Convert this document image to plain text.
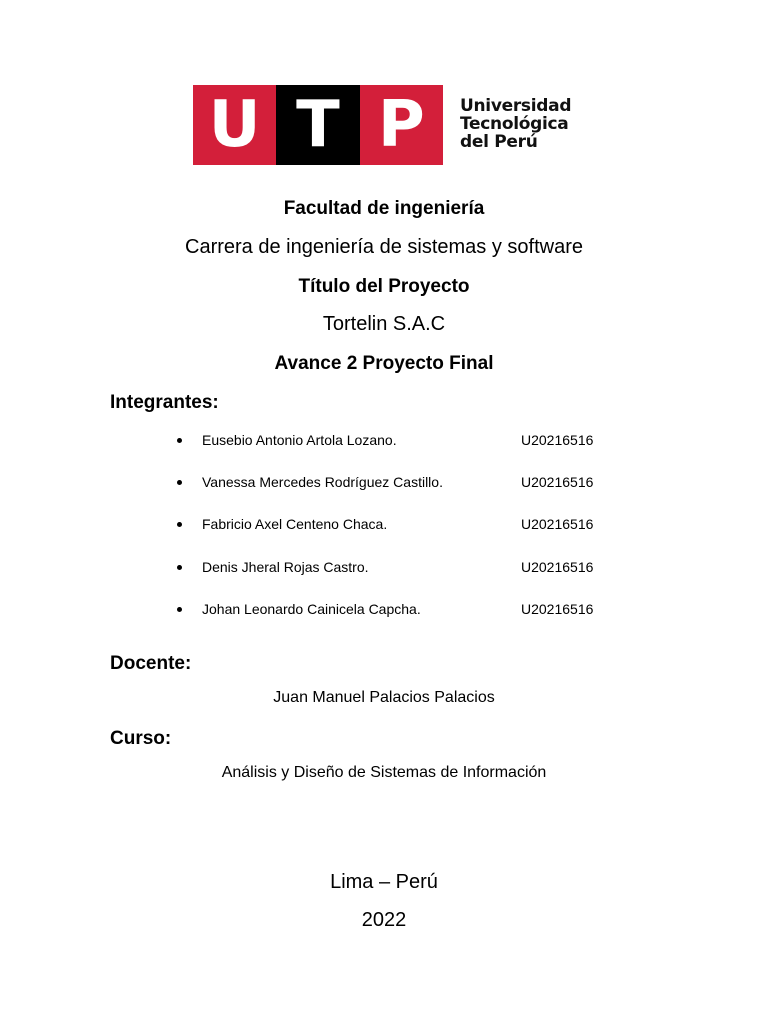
U T P	Universidad
Tecnológica
del Perú
Facultad de ingeniería
Carrera de ingeniería de sistemas y software
Título del Proyecto
Tortelin S.A.C
Avance 2 Proyecto Final
Integrantes:
Eusebio Antonio Artola Lozano.	U20216516
Vanessa Mercedes Rodríguez Castillo.	U20216516
Fabricio Axel Centeno Chaca.	U20216516
Denis Jheral Rojas Castro.	U20216516
Johan Leonardo Cainicela Capcha.	U20216516
Docente:
Juan Manuel Palacios Palacios
Curso:
Análisis y Diseño de Sistemas de Información
Lima – Perú
2022
